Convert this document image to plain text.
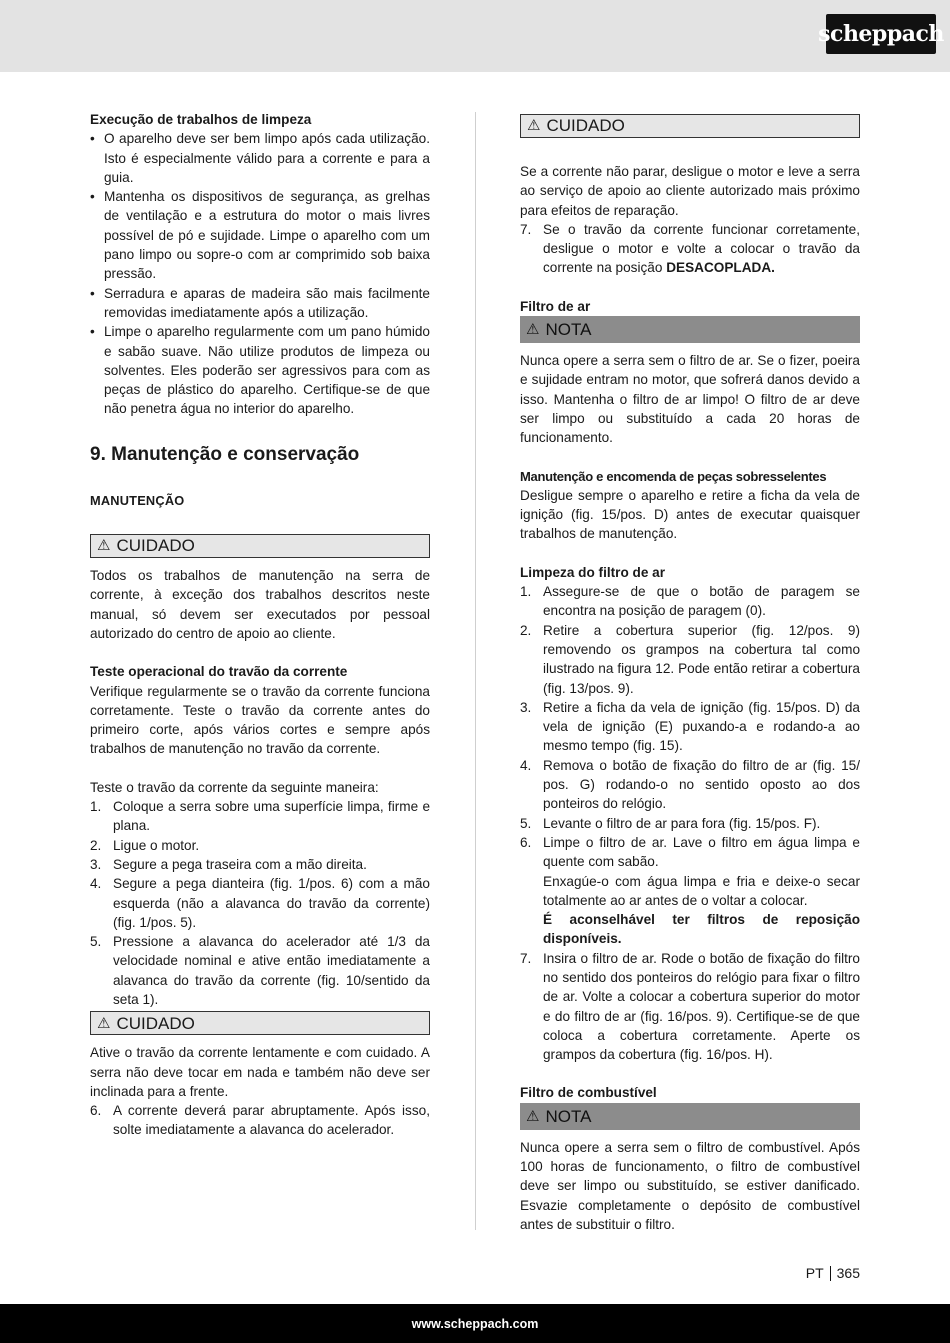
scheppach

Execução de trabalhos de limpeza

• O aparelho deve ser bem limpo após cada utilização. Isto é especialmente válido para a corrente e para a guia.
• Mantenha os dispositivos de segurança, as grelhas de ventilação e a estrutura do motor o mais livres possível de pó e sujidade. Limpe o aparelho com um pano limpo ou sopre-o com ar comprimido sob baixa pressão.
• Serradura e aparas de madeira são mais facilmente removidas imediatamente após a utilização.
• Limpe o aparelho regularmente com um pano húmido e sabão suave. Não utilize produtos de limpeza ou solventes. Eles poderão ser agressivos para com as peças de plástico do aparelho. Certifique-se de que não penetra água no interior do aparelho.

9. Manutenção e conservação

MANUTENÇÃO

⚠ CUIDADO

Todos os trabalhos de manutenção na serra de corrente, à exceção dos trabalhos descritos neste manual, só devem ser executados por pessoal autorizado do centro de apoio ao cliente.

Teste operacional do travão da corrente

Verifique regularmente se o travão da corrente funciona corretamente. Teste o travão da corrente antes do primeiro corte, após vários cortes e sempre após trabalhos de manutenção no travão da corrente.

Teste o travão da corrente da seguinte maneira:

1. Coloque a serra sobre uma superfície limpa, firme e plana.
2. Ligue o motor.
3. Segure a pega traseira com a mão direita.
4. Segure a pega dianteira (fig. 1/pos. 6) com a mão esquerda (não a alavanca do travão da corrente) (fig. 1/pos. 5).
5. Pressione a alavanca do acelerador até 1/3 da velocidade nominal e ative então imediatamente a alavanca do travão da corrente (fig. 10/sentido da seta 1).
⚠ CUIDADO

Ative o travão da corrente lentamente e com cuidado. A serra não deve tocar em nada e também não deve ser inclinada para a frente.

6. A corrente deverá parar abruptamente. Após isso, solte imediatamente a alavanca do acelerador.
⚠ CUIDADO

Se a corrente não parar, desligue o motor e leve a serra ao serviço de apoio ao cliente autorizado mais próximo para efeitos de reparação.

7. Se o travão da corrente funcionar corretamente, desligue o motor e volte a colocar o travão da corrente na posição DESACOPLADA.

Filtro de ar

⚠ NOTA

Nunca opere a serra sem o filtro de ar. Se o fizer, poeira e sujidade entram no motor, que sofrerá danos devido a isso. Mantenha o filtro de ar limpo! O filtro de ar deve ser limpo ou substituído a cada 20 horas de funcionamento.

Manutenção e encomenda de peças sobresselentes

Desligue sempre o aparelho e retire a ficha da vela de ignição (fig. 15/pos. D) antes de executar quaisquer trabalhos de manutenção.

Limpeza do filtro de ar

1. Assegure-se de que o botão de paragem se encontra na posição de paragem (0).
2. Retire a cobertura superior (fig. 12/pos. 9) removendo os grampos na cobertura tal como ilustrado na figura 12. Pode então retirar a cobertura (fig. 13/pos. 9).
3. Retire a ficha da vela de ignição (fig. 15/pos. D) da vela de ignição (E) puxando-a e rodando-a ao mesmo tempo (fig. 15).
4. Remova o botão de fixação do filtro de ar (fig. 15/ pos. G) rodando-o no sentido oposto ao dos ponteiros do relógio.
5. Levante o filtro de ar para fora (fig. 15/pos. F).
6. Limpe o filtro de ar. Lave o filtro em água limpa e quente com sabão.
Enxagúe-o com água limpa e fria e deixe-o secar totalmente ao ar antes de o voltar a colocar.
É aconselhável ter filtros de reposição disponíveis.
7. Insira o filtro de ar. Rode o botão de fixação do filtro no sentido dos ponteiros do relógio para fixar o filtro de ar. Volte a colocar a cobertura superior do motor e do filtro de ar (fig. 16/pos. 9). Certifique-se de que coloca a cobertura corretamente. Aperte os grampos da cobertura (fig. 16/pos. H).

Filtro de combustível

⚠ NOTA

Nunca opere a serra sem o filtro de combustível. Após 100 horas de funcionamento, o filtro de combustível deve ser limpo ou substituído, se estiver danificado. Esvazie completamente o depósito de combustível antes de substituir o filtro.

PT 365
www.scheppach.com
